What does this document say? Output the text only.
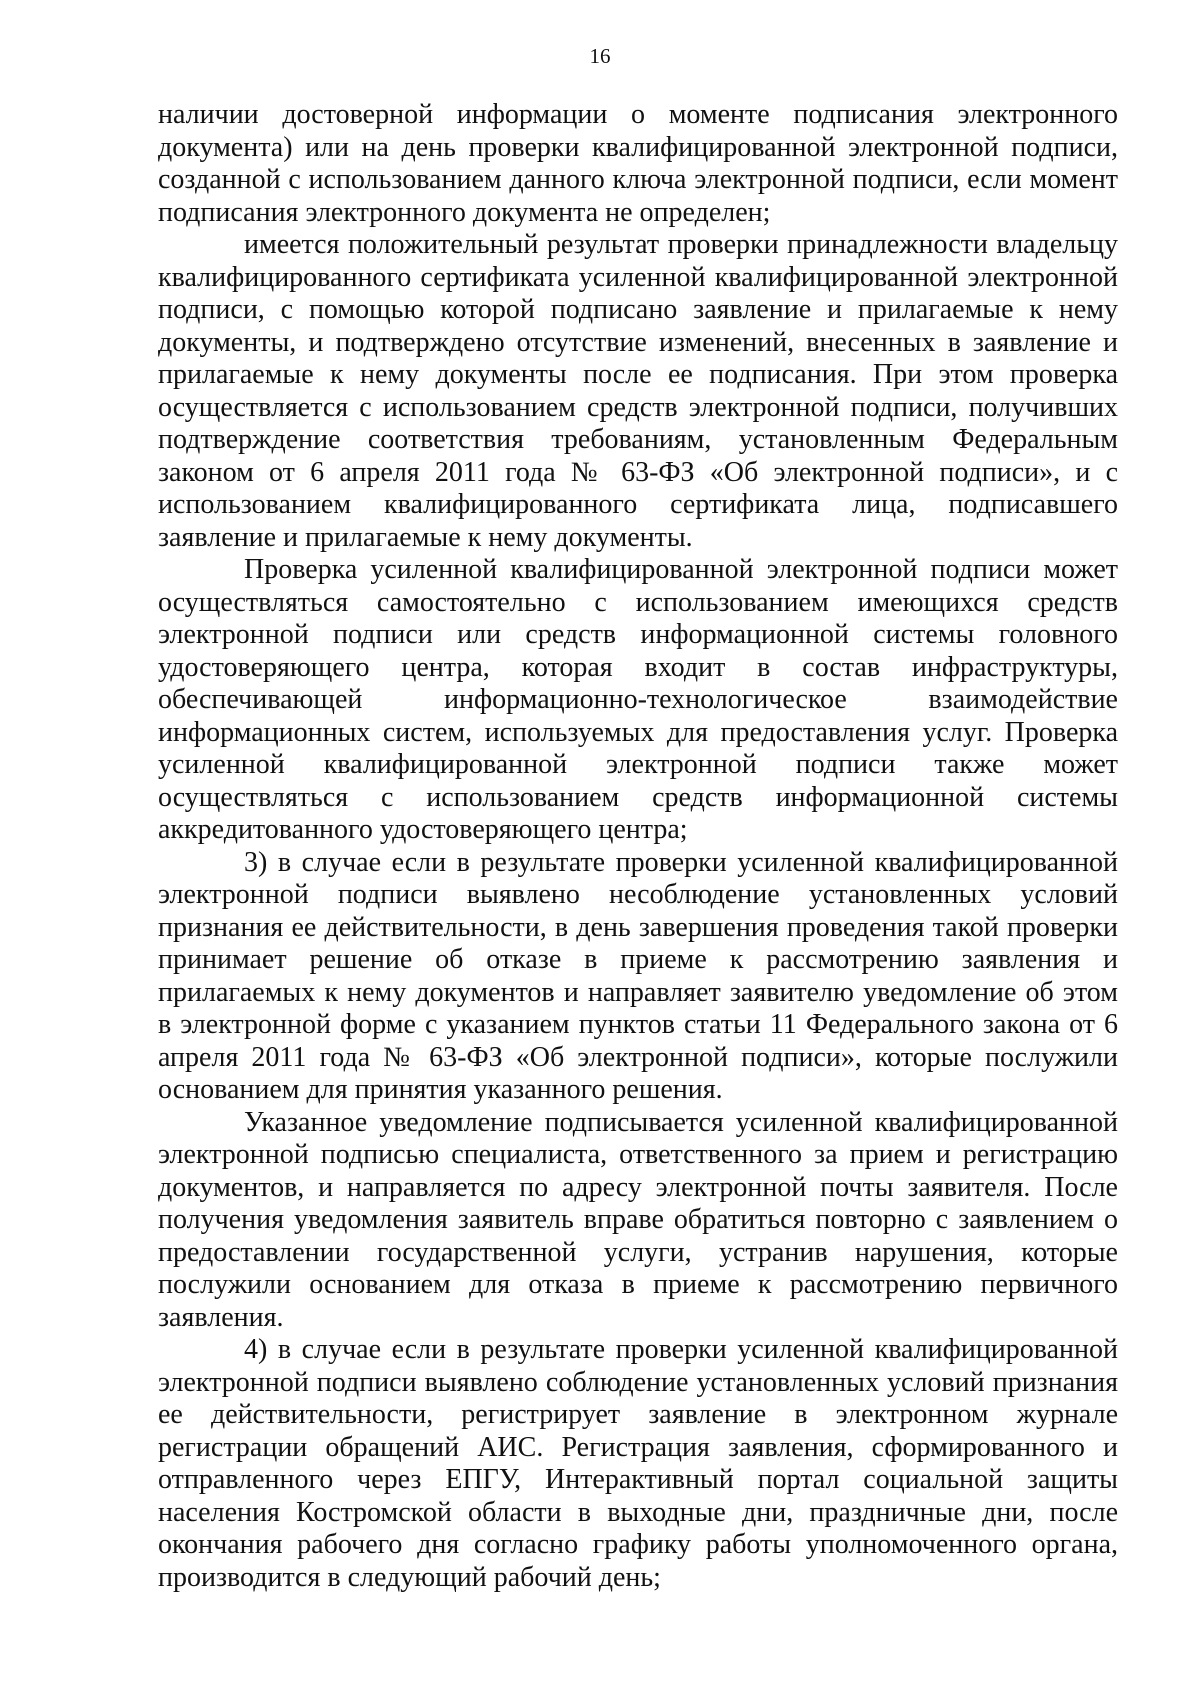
16

наличии достоверной информации о моменте подписания электронного документа) или на день проверки квалифицированной электронной подписи, созданной с использованием данного ключа электронной подписи, если момент подписания электронного документа не определен;

имеется положительный результат проверки принадлежности владельцу квалифицированного сертификата усиленной квалифицированной электронной подписи, с помощью которой подписано заявление и прилагаемые к нему документы, и подтверждено отсутствие изменений, внесенных в заявление и прилагаемые к нему документы после ее подписания. При этом проверка осуществляется с использованием средств электронной подписи, получивших подтверждение соответствия требованиям, установленным Федеральным законом от 6 апреля 2011 года № 63-ФЗ «Об электронной подписи», и с использованием квалифицированного сертификата лица, подписавшего заявление и прилагаемые к нему документы.

Проверка усиленной квалифицированной электронной подписи может осуществляться самостоятельно с использованием имеющихся средств электронной подписи или средств информационной системы головного удостоверяющего центра, которая входит в состав инфраструктуры, обеспечивающей информационно-технологическое взаимодействие информационных систем, используемых для предоставления услуг. Проверка усиленной квалифицированной электронной подписи также может осуществляться с использованием средств информационной системы аккредитованного удостоверяющего центра;

3) в случае если в результате проверки усиленной квалифицированной электронной подписи выявлено несоблюдение установленных условий признания ее действительности, в день завершения проведения такой проверки принимает решение об отказе в приеме к рассмотрению заявления и прилагаемых к нему документов и направляет заявителю уведомление об этом в электронной форме с указанием пунктов статьи 11 Федерального закона от 6 апреля 2011 года № 63-ФЗ «Об электронной подписи», которые послужили основанием для принятия указанного решения.

Указанное уведомление подписывается усиленной квалифицированной электронной подписью специалиста, ответственного за прием и регистрацию документов, и направляется по адресу электронной почты заявителя. После получения уведомления заявитель вправе обратиться повторно с заявлением о предоставлении государственной услуги, устранив нарушения, которые послужили основанием для отказа в приеме к рассмотрению первичного заявления.

4) в случае если в результате проверки усиленной квалифицированной электронной подписи выявлено соблюдение установленных условий признания ее действительности, регистрирует заявление в электронном журнале регистрации обращений АИС. Регистрация заявления, сформированного и отправленного через ЕПГУ, Интерактивный портал социальной защиты населения Костромской области в выходные дни, праздничные дни, после окончания рабочего дня согласно графику работы уполномоченного органа, производится в следующий рабочий день;
